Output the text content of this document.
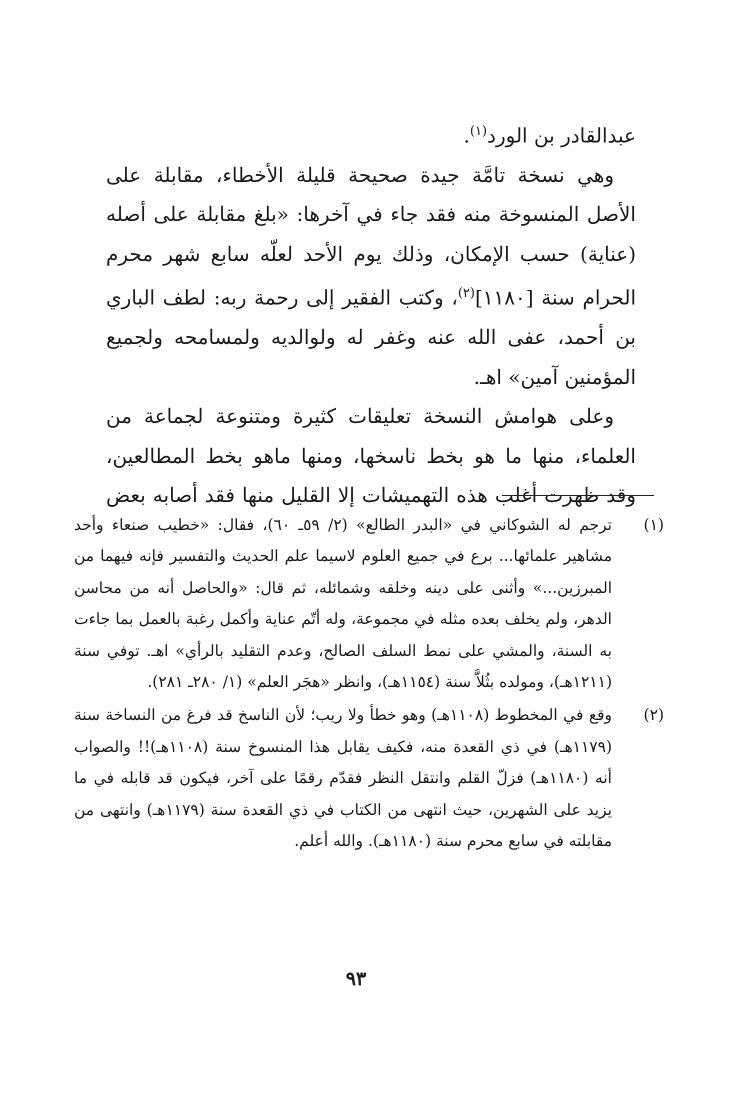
عبدالقادر بن الورد$^{(١)}$.

وهي نسخة تامَّة جيدة صحيحة قليلة الأخطاء، مقابلة على الأصل المنسوخة منه فقد جاء في آخرها: «بلغ مقابلة على أصله (عناية) حسب الإمكان، وذلك يوم الأحد لعلّه سابع شهر محرم الحرام سنة [١١٨٠]$^{(٢)}$، وكتب الفقير إلى رحمة ربه: لطف الباري بن أحمد، عفى الله عنه وغفر له ولوالديه ولمسامحه ولجميع المؤمنين آمين» اهـ.

وعلى هوامش النسخة تعليقات كثيرة ومتنوعة لجماعة من العلماء، منها ما هو بخط ناسخها، ومنها ماهو بخط المطالعين، وقد ظهرت أغلب هذه التهميشات إلا القليل منها فقد أصابه بعض

(١)
ترجم له الشوكاني في «البدر الطالع» (٢/ ٥٩ـ ٦٠)، فقال: «خطيب صنعاء وأحد مشاهير علمائها... برع في جميع العلوم لاسيما علم الحديث والتفسير فإنه فيهما من المبرزين...» وأثنى على دينه وخلقه وشمائله، ثم قال: «والحاصل أنه من محاسن الدهر، ولم يخلف بعده مثله في مجموعة، وله أتّم عناية وأكمل رغبة بالعمل بما جاءت به السنة، والمشي على نمط السلف الصالح، وعدم التقليد بالرأي» اهـ. توفي سنة (١٢١١هـ)، ومولده بثُلاَّ سنة (١١٥٤هـ)، وانظر «هجَر العلم» (١/ ٢٨٠ـ ٢٨١).

(٢)
وقع في المخطوط (١١٠٨هـ) وهو خطأ ولا ريب؛ لأن الناسخ قد فرغ من النساخة سنة (١١٧٩هـ) في ذي القعدة منه، فكيف يقابل هذا المنسوخ سنة (١١٠٨هـ)!! والصواب أنه (١١٨٠هـ) فزلّ القلم وانتقل النظر فقدّم رقمًا على آخر، فيكون قد قابله في ما يزيد على الشهرين، حيث انتهى من الكتاب في ذي القعدة سنة (١١٧٩هـ) وانتهى من مقابلته في سابع محرم سنة (١١٨٠هـ). والله أعلم.

٩٣
